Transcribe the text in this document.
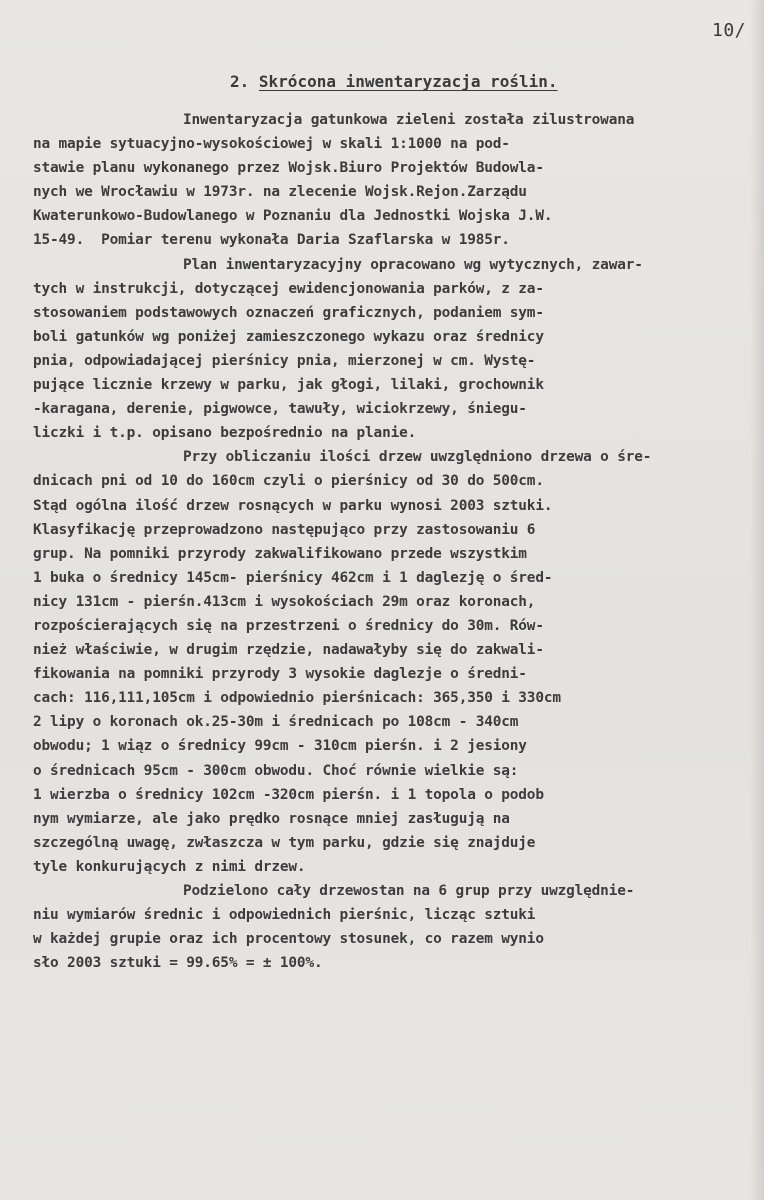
10/
2. Skrócona inwentaryzacja roślin.
Inwentaryzacja gatunkowa zieleni została zilustrowana
na mapie sytuacyjno-wysokościowej w skali 1:1000 na pod-
stawie planu wykonanego przez Wojsk.Biuro Projektów Budowla-
nych we Wrocławiu w 1973r. na zlecenie Wojsk.Rejon.Zarządu
Kwaterunkowo-Budowlanego w Poznaniu dla Jednostki Wojska J.W.
15-49.  Pomiar terenu wykonała Daria Szaflarska w 1985r.
Plan inwentaryzacyjny opracowano wg wytycznych, zawar-
tych w instrukcji, dotyczącej ewidencjonowania parków, z za-
stosowaniem podstawowych oznaczeń graficznych, podaniem sym-
boli gatunków wg poniżej zamieszczonego wykazu oraz średnicy
pnia, odpowiadającej pierśnicy pnia, mierzonej w cm. Wystę-
pujące licznie krzewy w parku, jak głogi, lilaki, grochownik
-karagana, derenie, pigwowce, tawuły, wiciokrzewy, śniegu-
liczki i t.p. opisano bezpośrednio na planie.
Przy obliczaniu ilości drzew uwzględniono drzewa o śre-
dnicach pni od 10 do 160cm czyli o pierśnicy od 30 do 500cm.
Stąd ogólna ilość drzew rosnących w parku wynosi 2003 sztuki.
Klasyfikację przeprowadzono następująco przy zastosowaniu 6
grup. Na pomniki przyrody zakwalifikowano przede wszystkim
1 buka o średnicy 145cm- pierśnicy 462cm i 1 daglezję o śred-
nicy 131cm - pierśn.413cm i wysokościach 29m oraz koronach,
rozpościerających się na przestrzeni o średnicy do 30m. Rów-
nież właściwie, w drugim rzędzie, nadawałyby się do zakwali-
fikowania na pomniki przyrody 3 wysokie daglezje o średni-
cach: 116,111,105cm i odpowiednio pierśnicach: 365,350 i 330cm
2 lipy o koronach ok.25-30m i średnicach po 108cm - 340cm
obwodu; 1 wiąz o średnicy 99cm - 310cm pierśn. i 2 jesiony
o średnicach 95cm - 300cm obwodu. Choć równie wielkie są:
1 wierzba o średnicy 102cm -320cm pierśn. i 1 topola o podob
nym wymiarze, ale jako prędko rosnące mniej zasługują na
szczególną uwagę, zwłaszcza w tym parku, gdzie się znajduje
tyle konkurujących z nimi drzew.
Podzielono cały drzewostan na 6 grup przy uwzględnie-
niu wymiarów średnic i odpowiednich pierśnic, licząc sztuki
w każdej grupie oraz ich procentowy stosunek, co razem wynio
sło 2003 sztuki = 99.65% = ± 100%.
